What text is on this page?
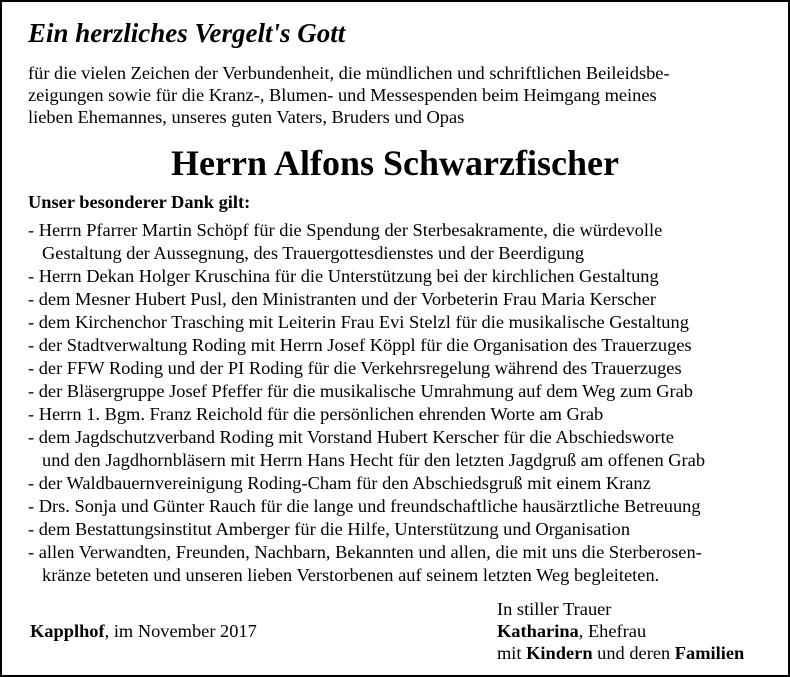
Ein herzliches Vergelt's Gott
für die vielen Zeichen der Verbundenheit, die mündlichen und schriftlichen Beileidsbe-
zeigungen sowie für die Kranz-, Blumen- und Messespenden beim Heimgang meines
lieben Ehemannes, unseres guten Vaters, Bruders und Opas
Herrn Alfons Schwarzfischer
Unser besonderer Dank gilt:
- Herrn Pfarrer Martin Schöpf für die Spendung der Sterbesakramente, die würdevolle
Gestaltung der Aussegnung, des Trauergottesdienstes und der Beerdigung
- Herrn Dekan Holger Kruschina für die Unterstützung bei der kirchlichen Gestaltung
- dem Mesner Hubert Pusl, den Ministranten und der Vorbeterin Frau Maria Kerscher
- dem Kirchenchor Trasching mit Leiterin Frau Evi Stelzl für die musikalische Gestaltung
- der Stadtverwaltung Roding mit Herrn Josef Köppl für die Organisation des Trauerzuges
- der FFW Roding und der PI Roding für die Verkehrsregelung während des Trauerzuges
- der Bläsergruppe Josef Pfeffer für die musikalische Umrahmung auf dem Weg zum Grab
- Herrn 1. Bgm. Franz Reichold für die persönlichen ehrenden Worte am Grab
- dem Jagdschutzverband Roding mit Vorstand Hubert Kerscher für die Abschiedsworte
und den Jagdhornbläsern mit Herrn Hans Hecht für den letzten Jagdgruß am offenen Grab
- der Waldbauernvereinigung Roding-Cham für den Abschiedsgruß mit einem Kranz
- Drs. Sonja und Günter Rauch für die lange und freundschaftliche hausärztliche Betreuung
- dem Bestattungsinstitut Amberger für die Hilfe, Unterstützung und Organisation
- allen Verwandten, Freunden, Nachbarn, Bekannten und allen, die mit uns die Sterberosen-
kränze beteten und unseren lieben Verstorbenen auf seinem letzten Weg begleiteten.
Kapplhof, im November 2017
In stiller Trauer
Katharina, Ehefrau
mit Kindern und deren Familien
